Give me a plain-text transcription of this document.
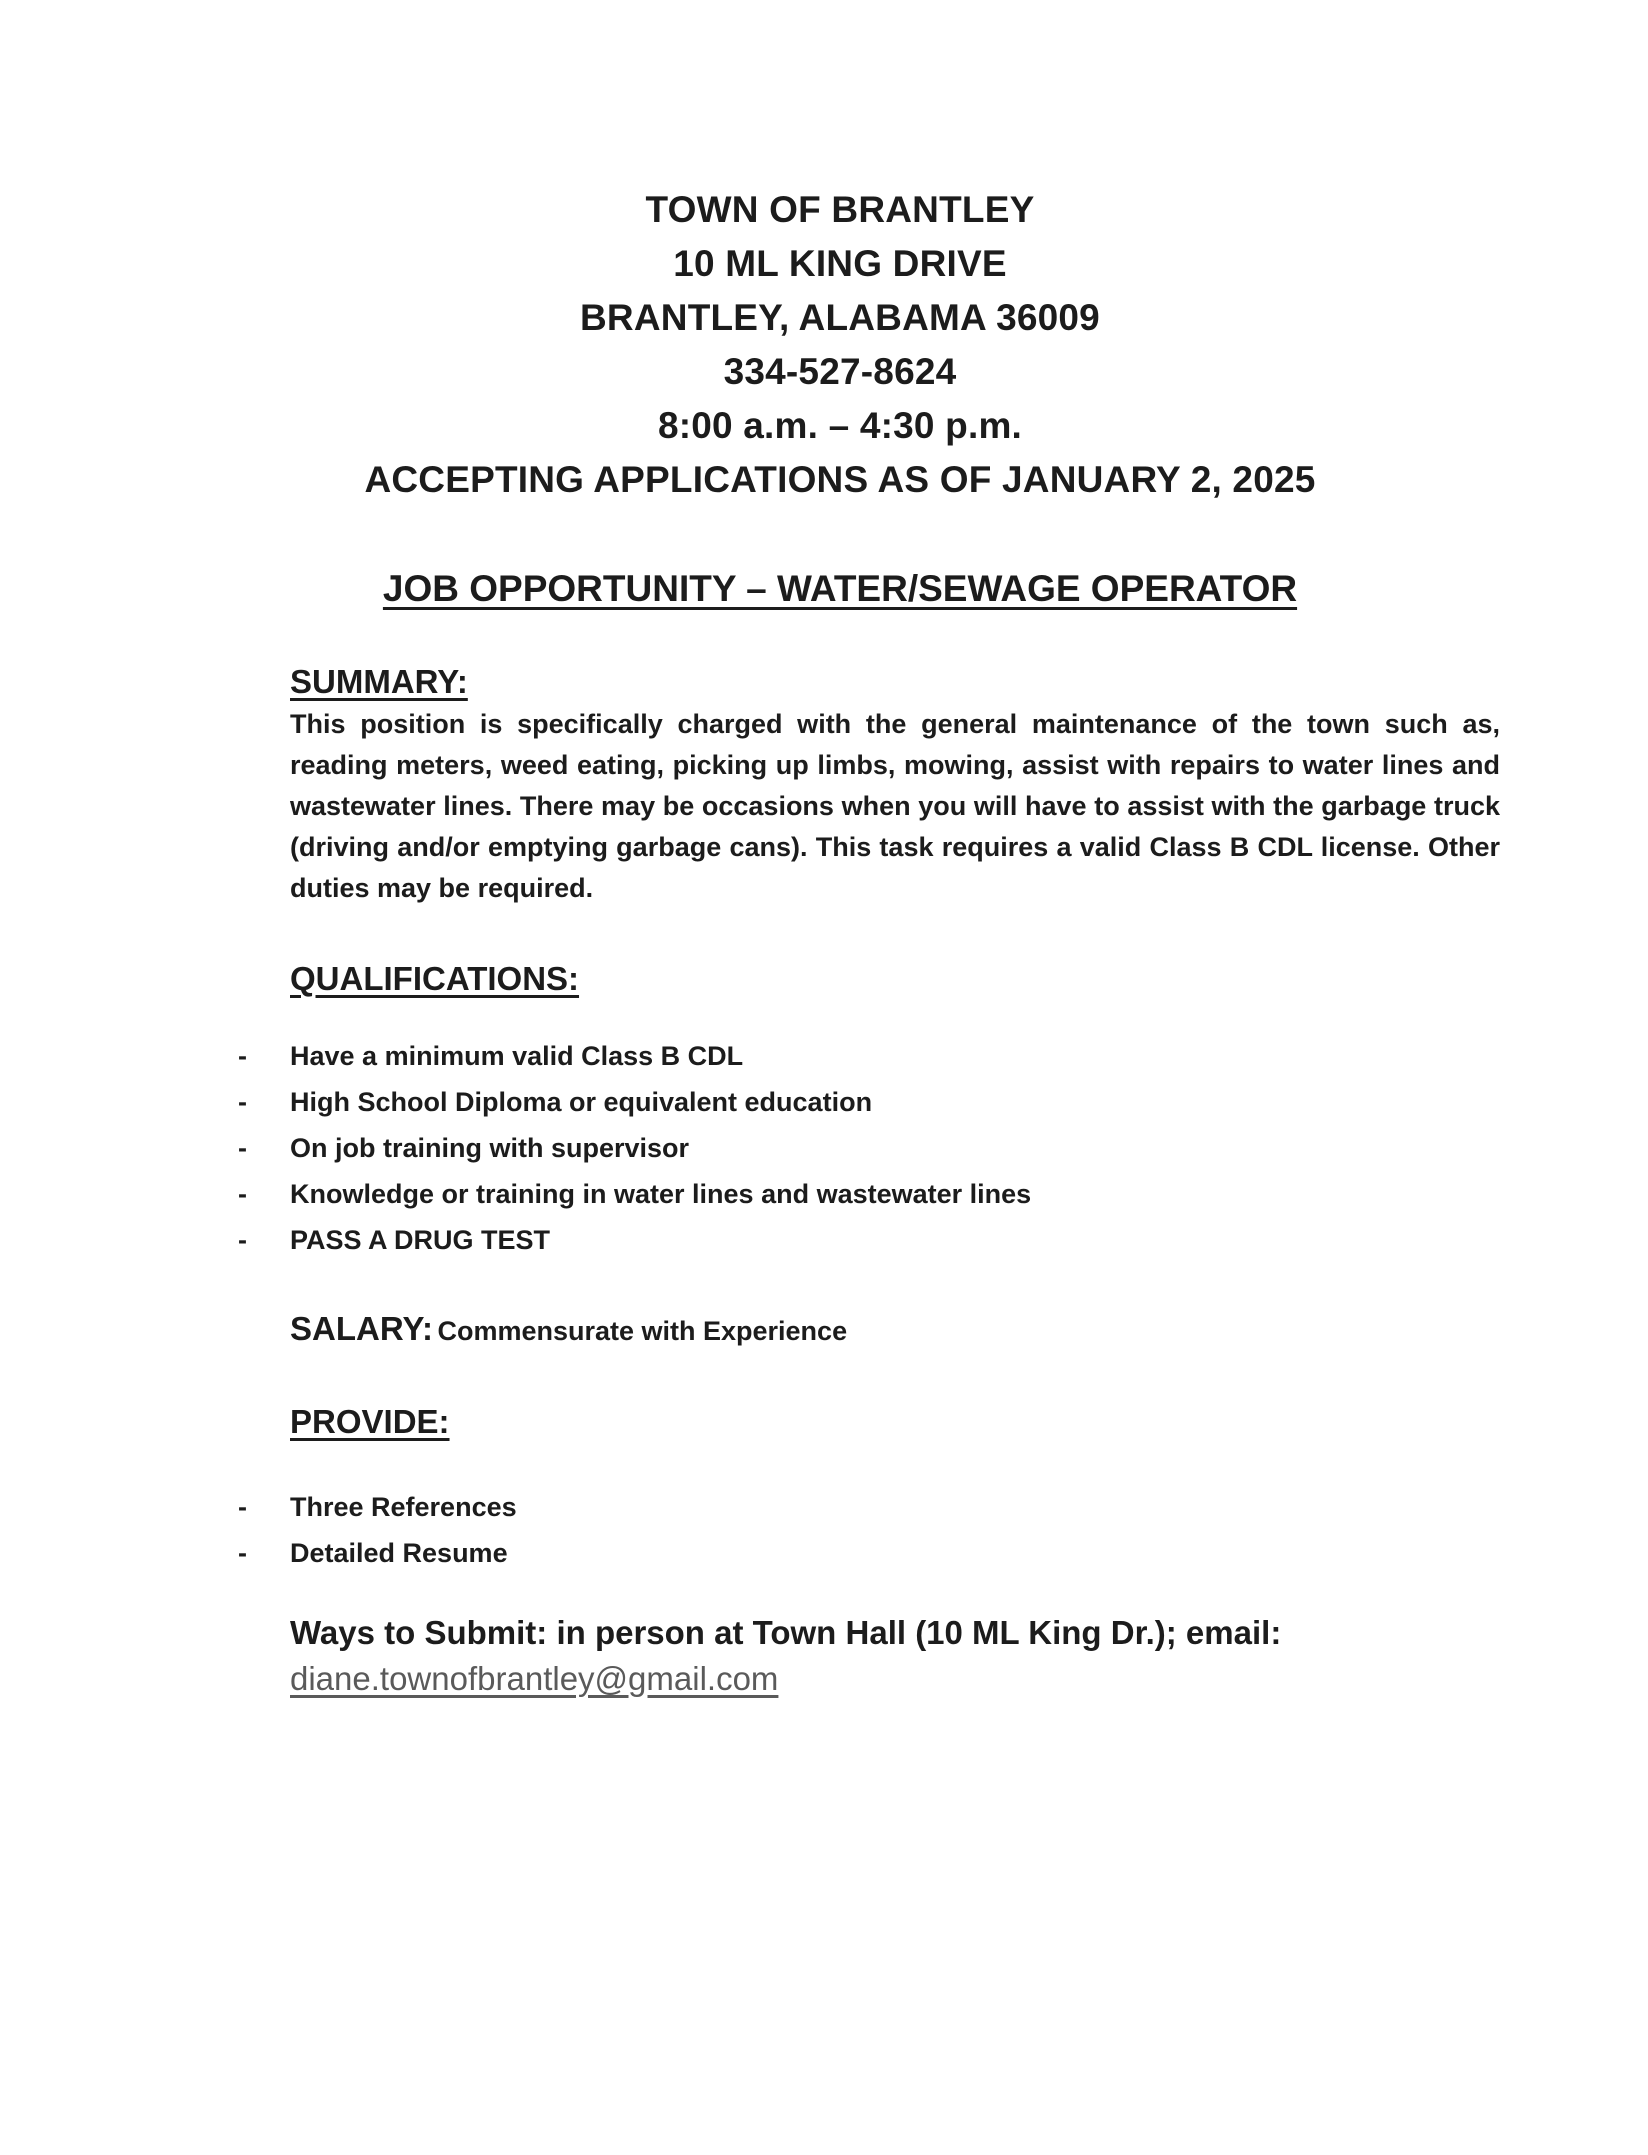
TOWN OF BRANTLEY
10 ML KING DRIVE
BRANTLEY, ALABAMA 36009
334-527-8624
8:00 a.m. – 4:30 p.m.
ACCEPTING APPLICATIONS AS OF JANUARY 2, 2025
JOB OPPORTUNITY – WATER/SEWAGE OPERATOR
SUMMARY:
This position is specifically charged with the general maintenance of the town such as, reading meters, weed eating, picking up limbs, mowing, assist with repairs to water lines and wastewater lines. There may be occasions when you will have to assist with the garbage truck (driving and/or emptying garbage cans). This task requires a valid Class B CDL license. Other duties may be required.
QUALIFICATIONS:
- Have a minimum valid Class B CDL
- High School Diploma or equivalent education
- On job training with supervisor
- Knowledge or training in water lines and wastewater lines
- PASS A DRUG TEST
SALARY: Commensurate with Experience
PROVIDE:
- Three References
- Detailed Resume
Ways to Submit: in person at Town Hall (10 ML King Dr.); email:
diane.townofbrantley@gmail.com
